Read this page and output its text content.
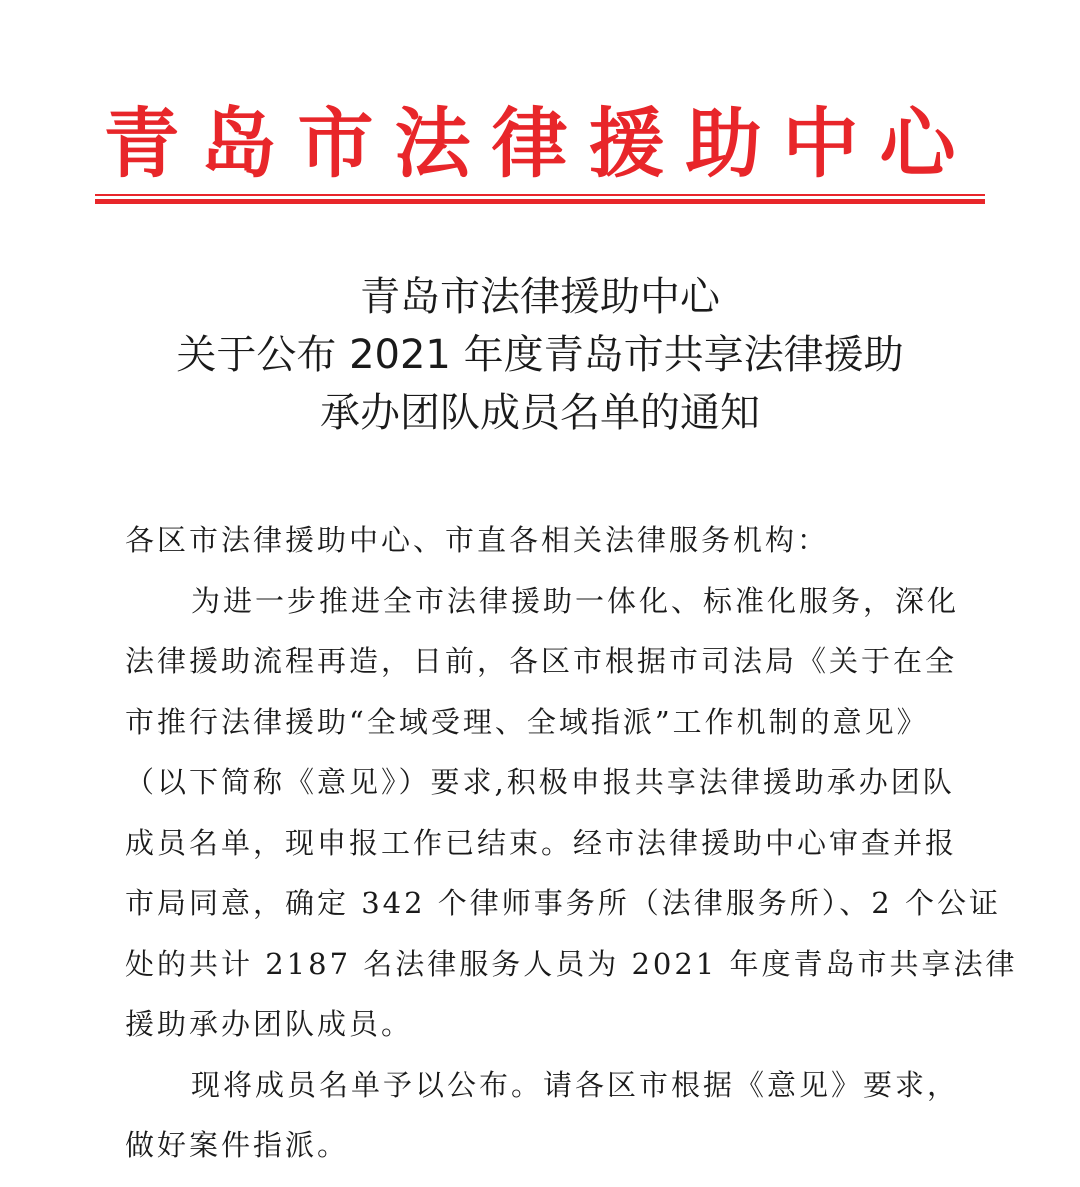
青岛市法律援助中心
青岛市法律援助中心
关于公布 2021 年度青岛市共享法律援助
承办团队成员名单的通知
各区市法律援助中心、市直各相关法律服务机构：
为进一步推进全市法律援助一体化、标准化服务，深化
法律援助流程再造，日前，各区市根据市司法局《关于在全
市推行法律援助“全域受理、全域指派”工作机制的意见》
（以下简称《意见》）要求,积极申报共享法律援助承办团队
成员名单，现申报工作已结束。经市法律援助中心审查并报
市局同意，确定 342 个律师事务所（法律服务所）、2 个公证
处的共计 2187 名法律服务人员为 2021 年度青岛市共享法律
援助承办团队成员。
现将成员名单予以公布。请各区市根据《意见》要求，
做好案件指派。
